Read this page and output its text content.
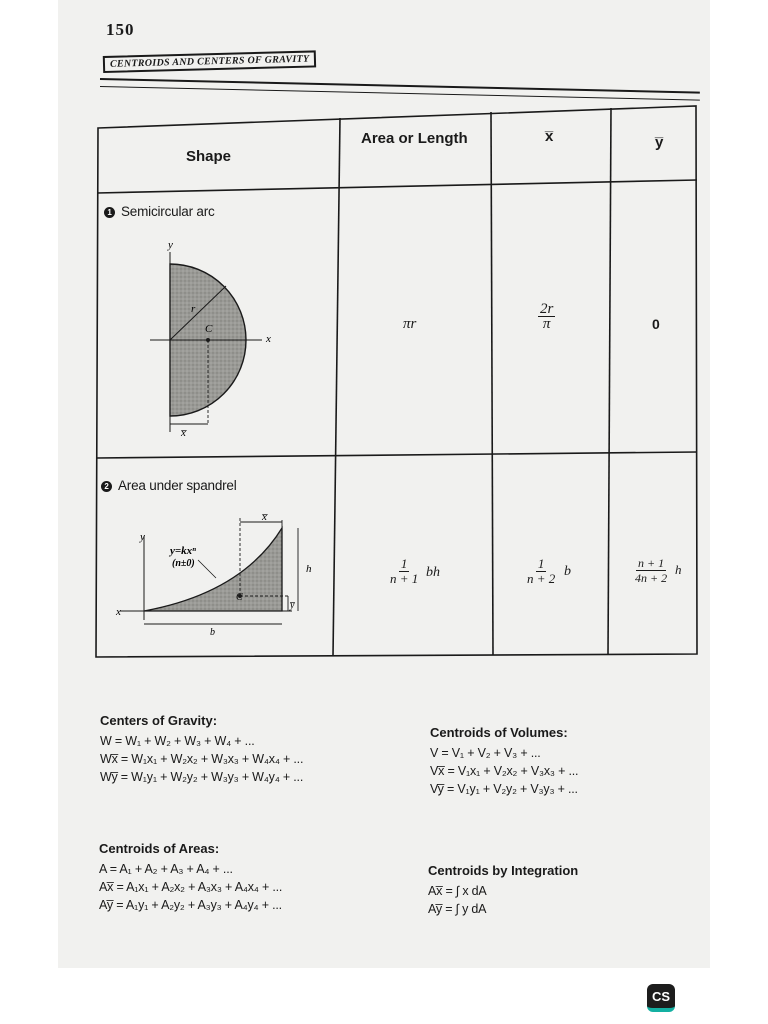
150
CENTROIDS AND CENTERS OF GRAVITY
Shape
Area or Length	x̅	y̅
1 Semicircular arc
y
x
r
C
x̅
πr	$\frac{2r}{\pi}$	0
2 Area under spandrel
y
x
y=kxⁿ
(n±0)
C
h
b
x̅
y̅
$\frac{1}{n + 1}$ bh	$\frac{1}{n + 2}$ b	$\frac{n + 1}{4n + 2}$ h
Centers of Gravity:
W = W₁ + W₂ + W₃ + W₄ + ...
Wx̅ = W₁x₁ + W₂x₂ + W₃x₃ + W₄x₄ + ...
Wy̅ = W₁y₁ + W₂y₂ + W₃y₃ + W₄y₄ + ...
Centroids of Volumes:
V = V₁ + V₂ + V₃ + ...
Vx̅ = V₁x₁ + V₂x₂ + V₃x₃ + ...
Vy̅ = V₁y₁ + V₂y₂ + V₃y₃ + ...
Centroids of Areas:
A = A₁ + A₂ + A₃ + A₄ + ...
Ax̅ = A₁x₁ + A₂x₂ + A₃x₃ + A₄x₄ + ...
Ay̅ = A₁y₁ + A₂y₂ + A₃y₃ + A₄y₄ + ...
Centroids by Integration
Ax̅ = ∫ x dA
Ay̅ = ∫ y dA
CS
